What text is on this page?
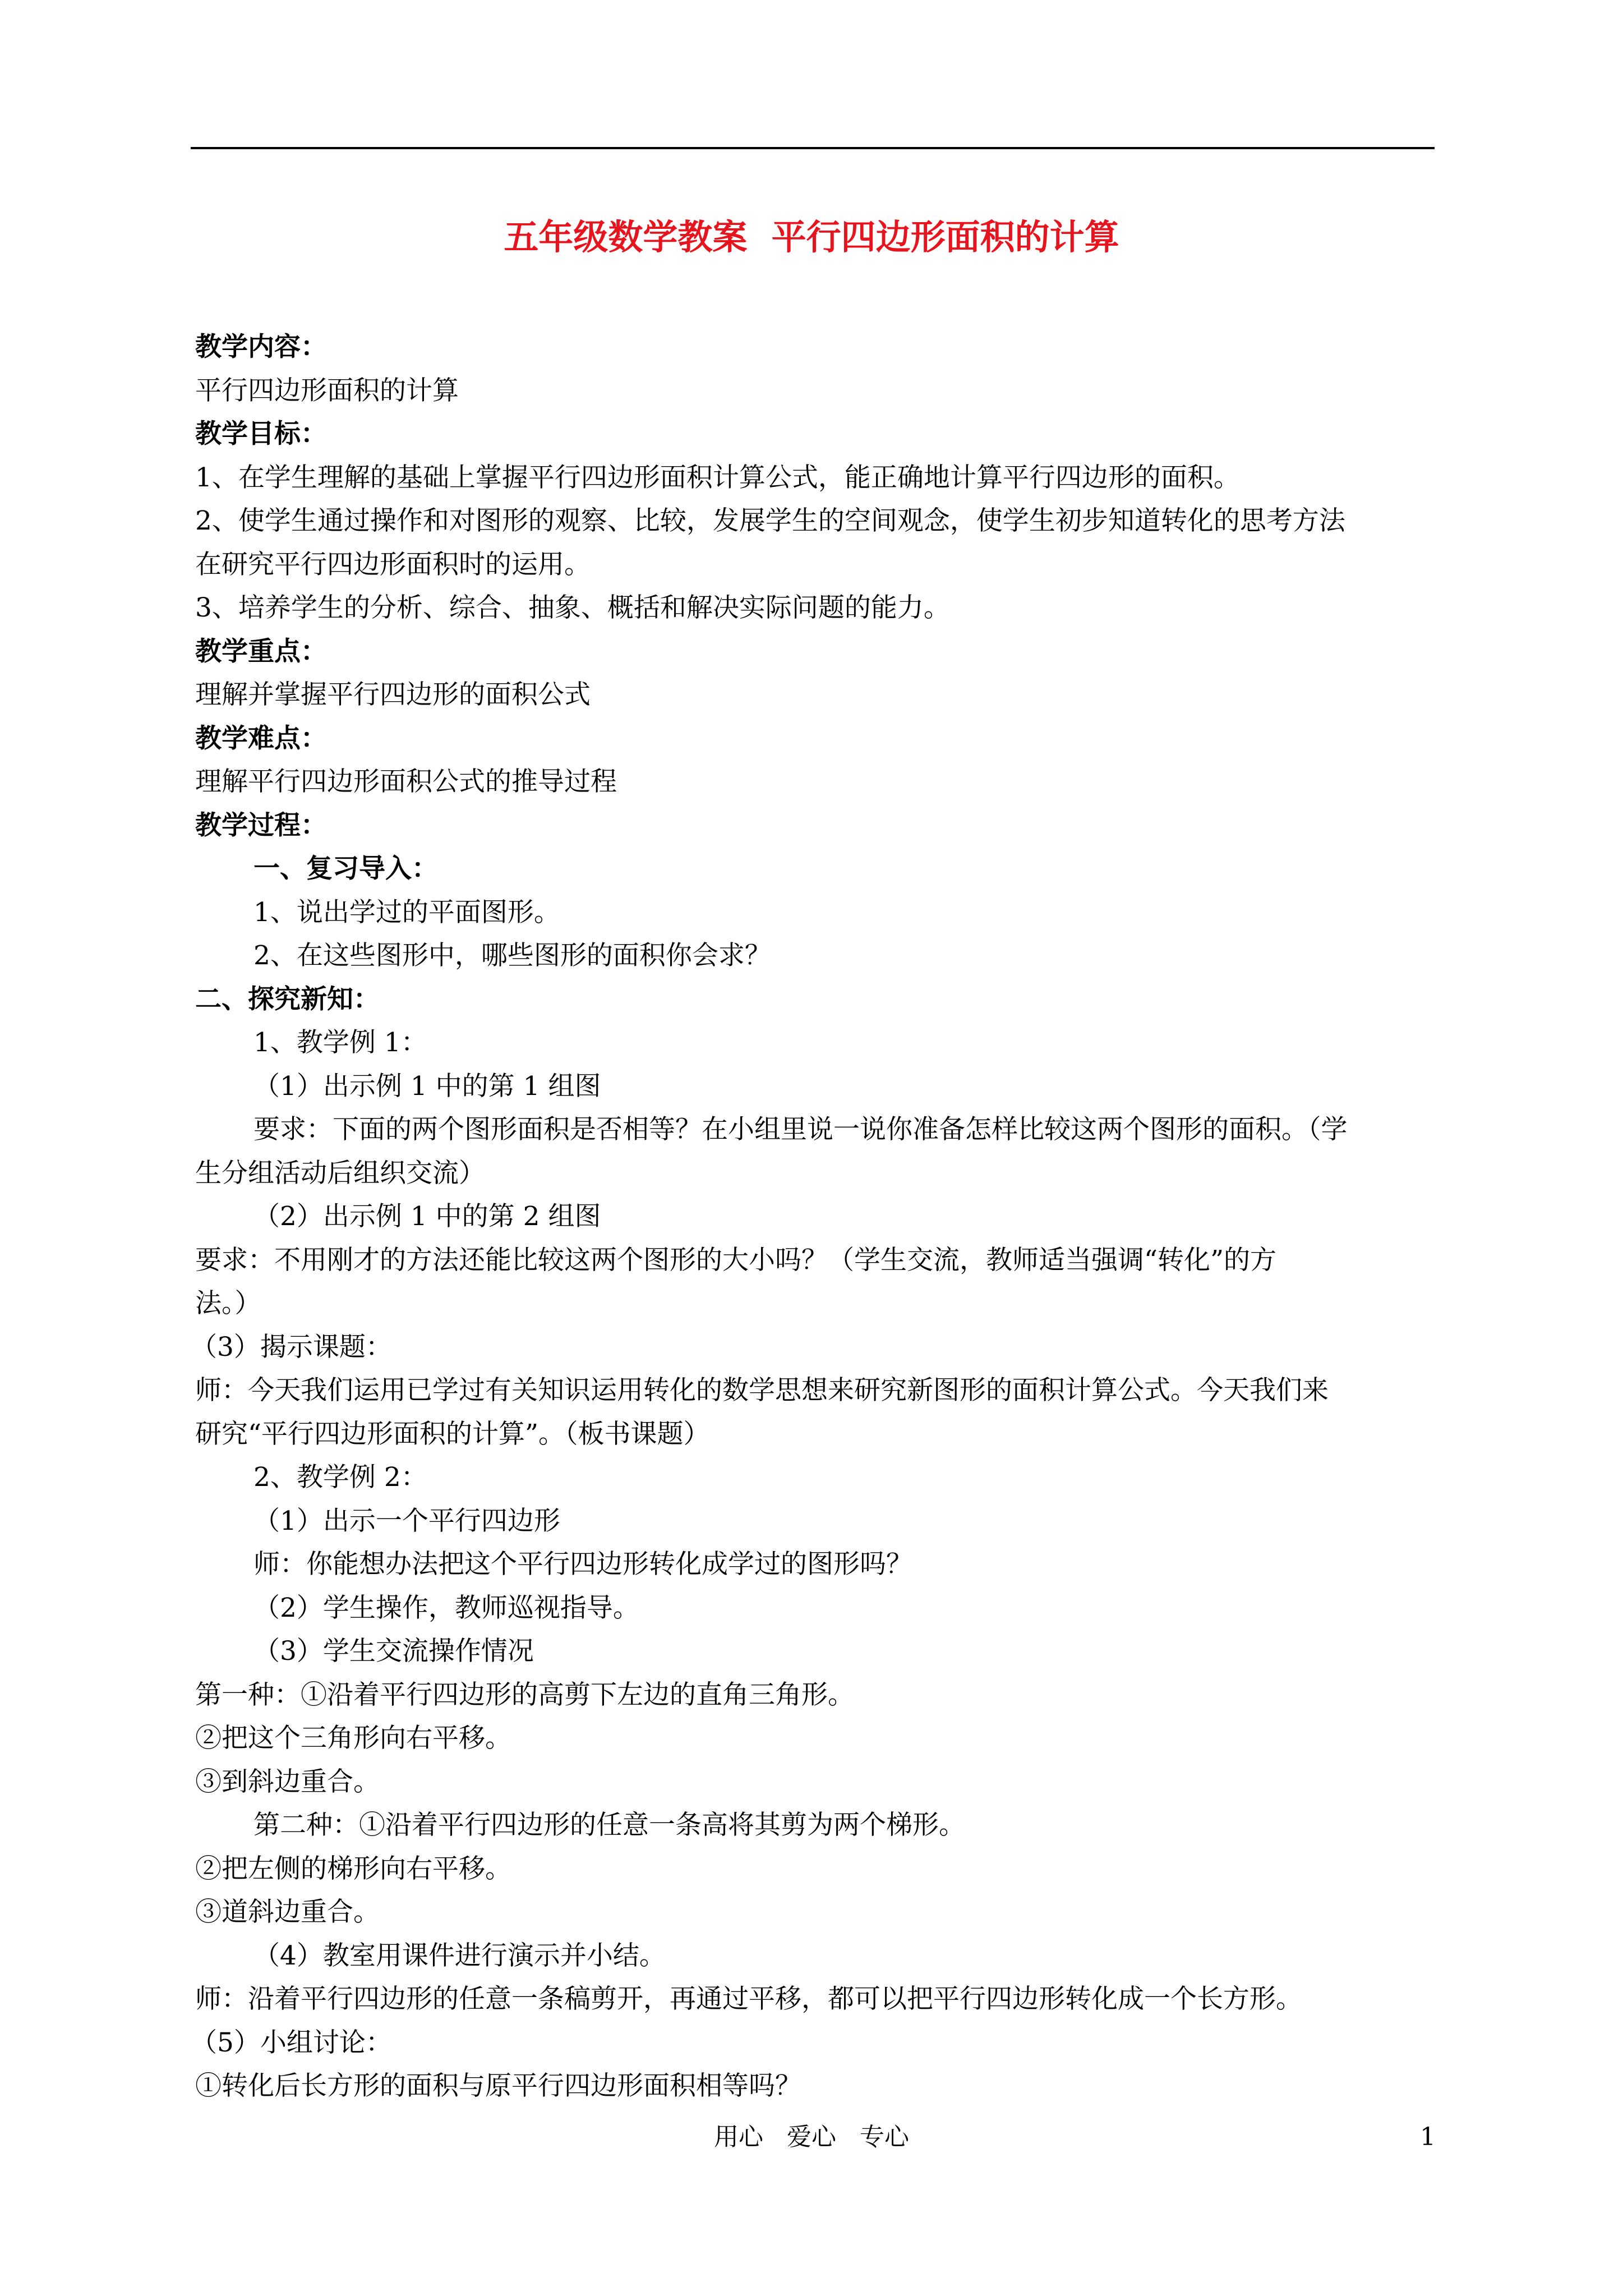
五年级数学教案  平行四边形面积的计算
教学内容：
平行四边形面积的计算
教学目标：
1、在学生理解的基础上掌握平行四边形面积计算公式，能正确地计算平行四边形的面积。
2、使学生通过操作和对图形的观察、比较，发展学生的空间观念，使学生初步知道转化的思考方法
在研究平行四边形面积时的运用。
3、培养学生的分析、综合、抽象、概括和解决实际问题的能力。
教学重点：
理解并掌握平行四边形的面积公式
教学难点：
理解平行四边形面积公式的推导过程
教学过程：
一、复习导入：
1、说出学过的平面图形。
2、在这些图形中，哪些图形的面积你会求？
二、探究新知：
1、教学例 1：
（1）出示例 1 中的第 1 组图
要求：下面的两个图形面积是否相等？在小组里说一说你准备怎样比较这两个图形的面积。（学
生分组活动后组织交流）
（2）出示例 1 中的第 2 组图
要求：不用刚才的方法还能比较这两个图形的大小吗？（学生交流，教师适当强调“转化”的方
法。）
（3）揭示课题：
师：今天我们运用已学过有关知识运用转化的数学思想来研究新图形的面积计算公式。今天我们来
研究“平行四边形面积的计算”。（板书课题）
2、教学例 2：
（1）出示一个平行四边形
师：你能想办法把这个平行四边形转化成学过的图形吗？
（2）学生操作，教师巡视指导。
（3）学生交流操作情况
第一种：①沿着平行四边形的高剪下左边的直角三角形。
②把这个三角形向右平移。
③到斜边重合。
第二种：①沿着平行四边形的任意一条高将其剪为两个梯形。
②把左侧的梯形向右平移。
③道斜边重合。
（4）教室用课件进行演示并小结。
师：沿着平行四边形的任意一条稿剪开，再通过平移，都可以把平行四边形转化成一个长方形。
（5）小组讨论：
①转化后长方形的面积与原平行四边形面积相等吗？
用心   爱心   专心	1
